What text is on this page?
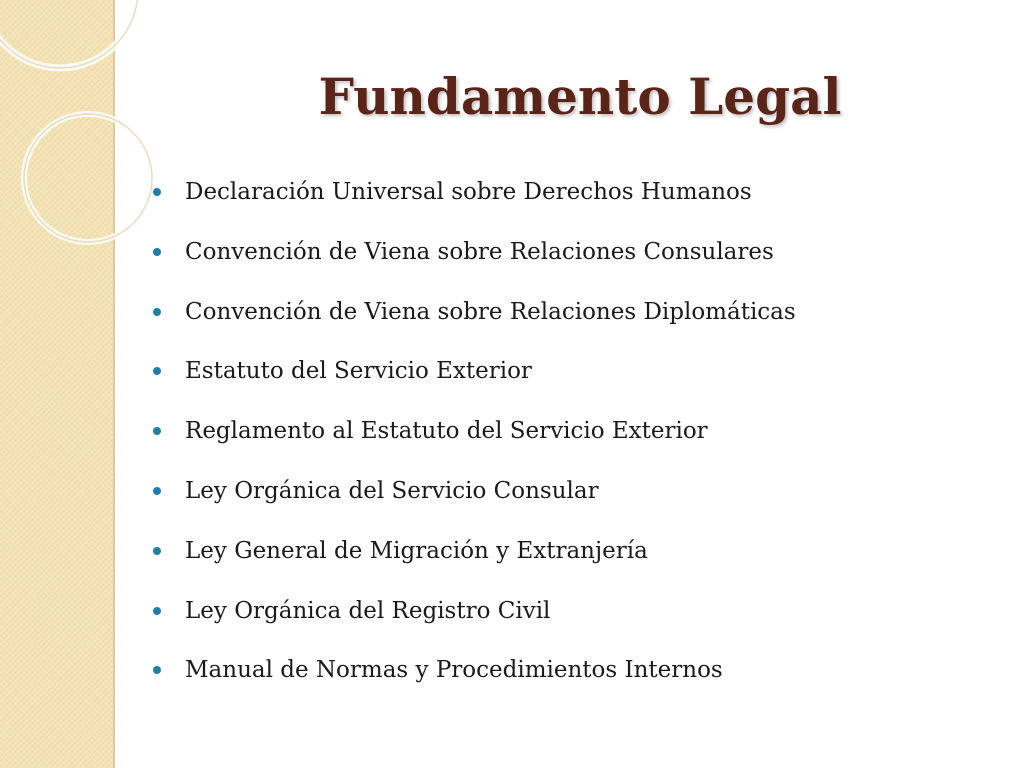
Fundamento Legal
Declaración Universal sobre Derechos Humanos
Convención de Viena sobre Relaciones Consulares
Convención de Viena sobre Relaciones Diplomáticas
Estatuto del Servicio Exterior
Reglamento al Estatuto del Servicio Exterior
Ley Orgánica del Servicio Consular
Ley General de Migración y Extranjería
Ley Orgánica del Registro Civil
Manual de Normas y Procedimientos Internos
